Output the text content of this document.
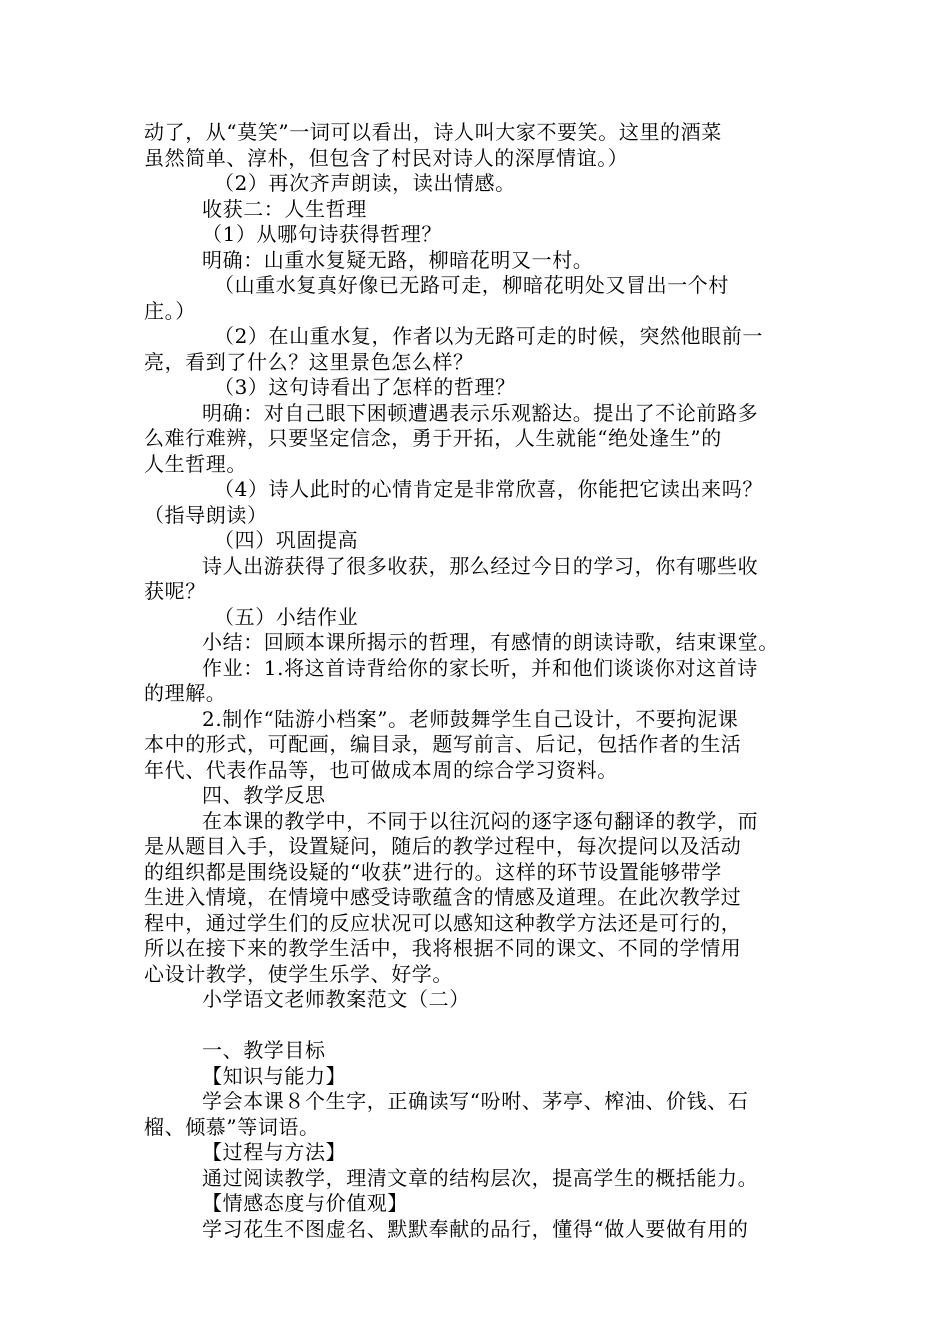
动了，从“莫笑”一词可以看出，诗人叫大家不要笑。这里的酒菜
虽然简单、淳朴，但包含了村民对诗人的深厚情谊。）
（2）再次齐声朗读，读出情感。
收获二：人生哲理
（1）从哪句诗获得哲理？
明确：山重水复疑无路，柳暗花明又一村。
（山重水复真好像已无路可走，柳暗花明处又冒出一个村
庄。）
（2）在山重水复，作者以为无路可走的时候，突然他眼前一
亮，看到了什么？这里景色怎么样？
（3）这句诗看出了怎样的哲理？
明确：对自己眼下困顿遭遇表示乐观豁达。提出了不论前路多
么难行难辨，只要坚定信念，勇于开拓，人生就能“绝处逢生”的
人生哲理。
（4）诗人此时的心情肯定是非常欣喜，你能把它读出来吗？
（指导朗读）
（四）巩固提高
诗人出游获得了很多收获，那么经过今日的学习，你有哪些收
获呢？
（五）小结作业
小结：回顾本课所揭示的哲理，有感情的朗读诗歌，结束课堂。
作业：1.将这首诗背给你的家长听，并和他们谈谈你对这首诗
的理解。
2.制作“陆游小档案”。老师鼓舞学生自己设计，不要拘泥课
本中的形式，可配画，编目录，题写前言、后记，包括作者的生活
年代、代表作品等，也可做成本周的综合学习资料。
四、教学反思
在本课的教学中，不同于以往沉闷的逐字逐句翻译的教学，而
是从题目入手，设置疑问，随后的教学过程中，每次提问以及活动
的组织都是围绕设疑的“收获”进行的。这样的环节设置能够带学
生进入情境，在情境中感受诗歌蕴含的情感及道理。在此次教学过
程中，通过学生们的反应状况可以感知这种教学方法还是可行的，
所以在接下来的教学生活中，我将根据不同的课文、不同的学情用
心设计教学，使学生乐学、好学。
小学语文老师教案范文（二）
一、教学目标
【知识与能力】
学会本课８个生字，正确读写“吩咐、茅亭、榨油、价钱、石
榴、倾慕”等词语。
【过程与方法】
通过阅读教学，理清文章的结构层次，提高学生的概括能力。
【情感态度与价值观】
学习花生不图虚名、默默奉献的品行，懂得“做人要做有用的
